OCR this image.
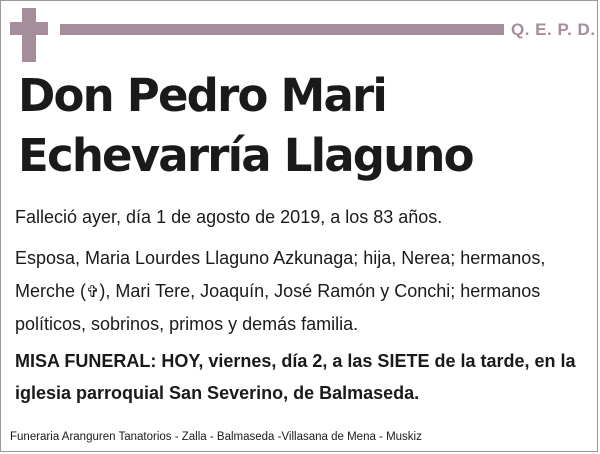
Q. E. P. D.
Don Pedro Mari
Echevarría Llaguno

Falleció ayer, día 1 de agosto de 2019, a los 83 años.

Esposa, Maria Lourdes Llaguno Azkunaga; hija, Nerea; hermanos, Merche (✞), Mari Tere, Joaquín, José Ramón y Conchi; hermanos políticos, sobrinos, primos y demás familia.

MISA FUNERAL: HOY, viernes, día 2, a las SIETE de la tarde, en la iglesia parroquial San Severino, de Balmaseda.

Funeraria Aranguren Tanatorios - Zalla - Balmaseda -Villasana de Mena - Muskiz
